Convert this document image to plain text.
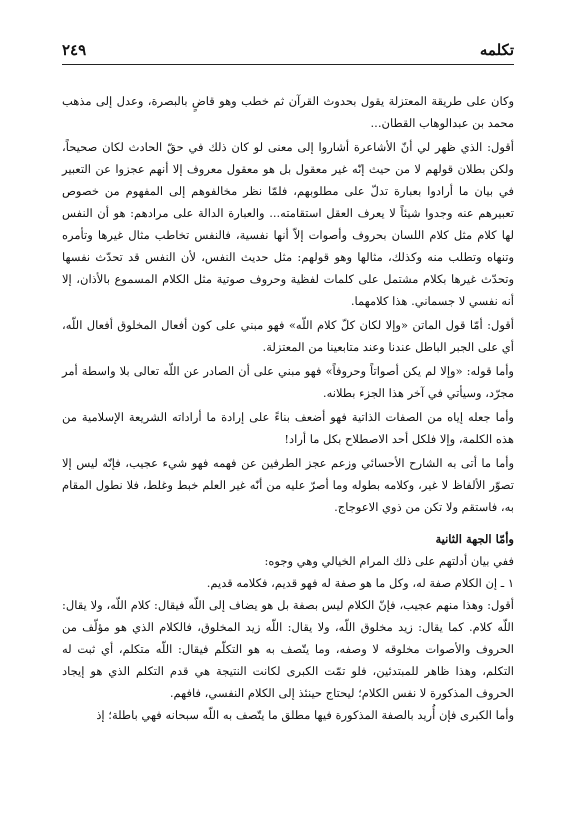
تكلمه
٢٤٩

وكان على طريقة المعتزلة يقول بحدوث القرآن ثم خطب وهو قاضٍ بالبصرة، وعدل إلى مذهب محمد بن عبدالوهاب القطان...

أقول: الذي ظهر لي أنّ الأشاعرة أشاروا إلى معنى لو كان ذلك في حقّ الحادث لكان صحيحاً، ولكن بطلان قولهم لا من حيث إنّه غير معقول بل هو معقول معروف إلا أنهم عجزوا عن التعبير في بيان ما أرادوا بعبارة تدلّ على مطلوبهم، فلمّا نظر مخالفوهم إلى المفهوم من خصوص تعبيرهم عنه وجدوا شيئاً لا يعرف العقل استقامته... والعبارة الدالة على مرادهم: هو أن النفس لها كلام مثل كلام اللسان بحروف وأصوات إلاّ أنها نفسية، فالنفس تخاطب مثال غيرها وتأمره وتنهاه وتطلب منه وكذلك، مثالها وهو قولهم: مثل حديث النفس، لأن النفس قد تحدّث نفسها وتحدّث غيرها بكلام مشتمل على كلمات لفظية وحروف صوتية مثل الكلام المسموع بالأذان، إلا أنه نفسي لا جسماني. هذا كلامهما.

أقول: أمّا قول الماتن «وإلا لكان كلّ كلام اللّه» فهو مبني على كون أفعال المخلوق أفعال اللّه، أي على الجبر الباطل عندنا وعند متابعينا من المعتزلة.

وأما قوله: «وإلا لم يكن أصواتاً وحروفاً» فهو مبني على أن الصادر عن اللّه تعالى بلا واسطة أمر مجرّد، وسيأتي في آخر هذا الجزء بطلانه.

وأما جعله إياه من الصفات الذاتية فهو أضعف بناءً على إرادة ما أراداته الشريعة الإسلامية من هذه الكلمة، وإلا فلكل أحد الاصطلاح بكل ما أراد!

وأما ما أتى به الشارح الأحسائي وزعم عجز الطرفين عن فهمه فهو شيء عجيب، فإنّه ليس إلا تصوّر الألفاظ لا غير، وكلامه بطوله وما أصرّ عليه من أنّه غير العلم خبط وغلط، فلا نطول المقام به، فاستقم ولا تكن من ذوي الاعوجاج.

وأمّا الجهة الثانية

ففي بيان أدلتهم على ذلك المرام الخيالي وهي وجوه:

١ ـ إن الكلام صفة له، وكل ما هو صفة له فهو قديم، فكلامه قديم.

أقول: وهذا منهم عجيب، فإنّ الكلام ليس بصفة بل هو يضاف إلى اللّه فيقال: كلام اللّه، ولا يقال: اللّه كلام. كما يقال: زيد مخلوق اللّه، ولا يقال: اللّه زيد المخلوق، فالكلام الذي هو مؤلّف من الحروف والأصوات مخلوقه لا وصفه، وما يتّصف به هو التكلّم فيقال: اللّه متكلم، أي ثبت له التكلم، وهذا ظاهر للمبتدئين، فلو تمّت الكبرى لكانت النتيجة هي قدم التكلم الذي هو إيجاد الحروف المذكورة لا نفس الكلام؛ ليحتاج حينئذ إلى الكلام النفسي، فافهم.

وأما الكبرى فإن أُريد بالصفة المذكورة فيها مطلق ما يتّصف به اللّه سبحانه فهي باطلة؛ إذ
